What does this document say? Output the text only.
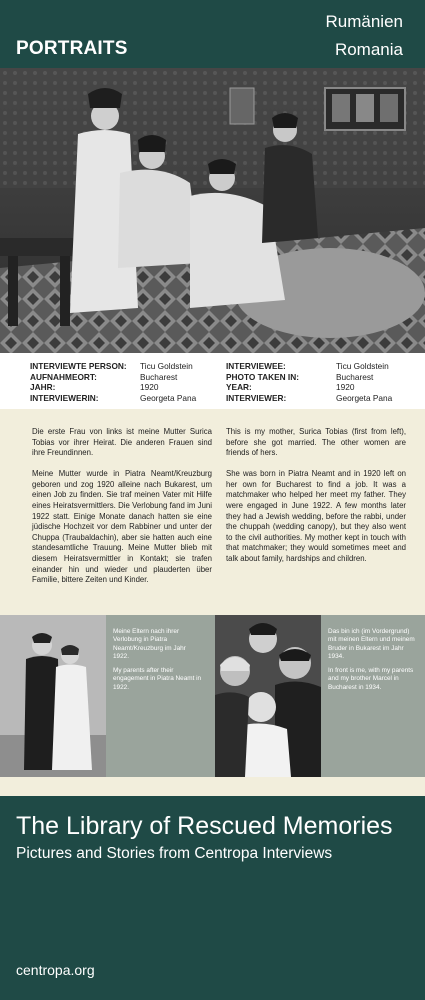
PORTRAITS
Rumänien
Romania
INTERVIEWTE PERSON:
AUFNAHMEORT:
JAHR:
INTERVIEWERIN:
Ticu Goldstein
Bucharest
1920
Georgeta Pana
INTERVIEWEE:
PHOTO TAKEN IN:
YEAR:
INTERVIEWER:
Ticu Goldstein
Bucharest
1920
Georgeta Pana

Die erste Frau von links ist meine Mutter Surica Tobias vor ihrer Heirat. Die anderen Frauen sind ihre Freundinnen.

Meine Mutter wurde in Piatra Neamt/Kreuzburg geboren und zog 1920 alleine nach Bukarest, um einen Job zu finden. Sie traf meinen Vater mit Hilfe eines Heiratsvermittlers. Die Verlobung fand im Juni 1922 statt. Einige Monate danach hatten sie eine jüdische Hochzeit vor dem Rabbiner und unter der Chuppa (Traubaldachin), aber sie hatten auch eine standesamtliche Trauung. Meine Mutter blieb mit diesem Heiratsvermittler in Kontakt; sie trafen einander hin und wieder und plauderten über Familie, bittere Zeiten und Kinder.

This is my mother, Surica Tobias (first from left), before she got married. The other women are friends of hers.

She was born in Piatra Neamt and in 1920 left on her own for Bucharest to find a job. It was a matchmaker who helped her meet my father. They were engaged in June 1922. A few months later they had a Jewish wedding, before the rabbi, under the chuppah (wedding canopy), but they also went to the civil authorities. My mother kept in touch with that matchmaker; they would sometimes meet and talk about family, hardships and children.

Meine Eltern nach ihrer Verlobung in Piatra Neamt/Kreuzburg im Jahr 1922.

My parents after their engagement in Piatra Neamt in 1922.

Das bin ich (im Vordergrund) mit meinen Eltern und meinem Bruder in Bukarest im Jahr 1934.

In front is me, with my parents and my brother Marcel in Bucharest in 1934.

The Library of Rescued Memories
Pictures and Stories from Centropa Interviews
centropa.org
